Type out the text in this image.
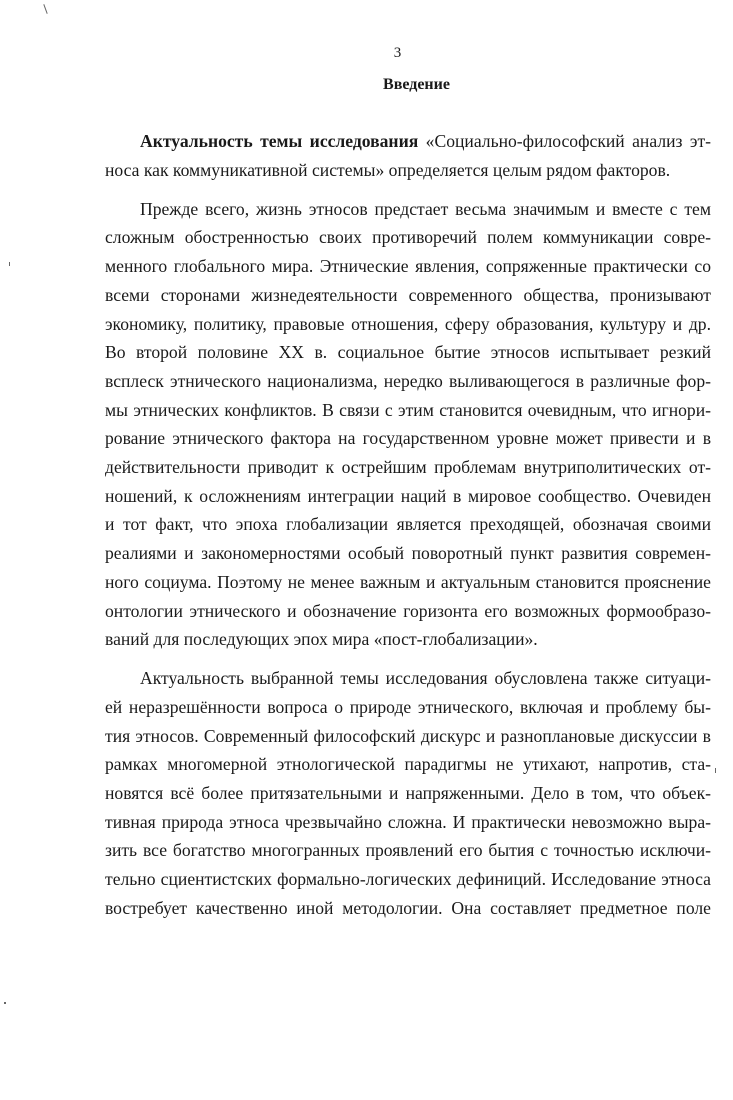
3
Введение
Актуальность темы исследования «Социально-философский анализ эт-
носа как коммуникативной системы» определяется целым рядом факторов.
Прежде всего, жизнь этносов предстает весьма значимым и вместе с тем
сложным обостренностью своих противоречий полем коммуникации совре-
менного глобального мира. Этнические явления, сопряженные практически со
всеми сторонами жизнедеятельности современного общества, пронизывают
экономику, политику, правовые отношения, сферу образования, культуру и др.
Во второй половине XX в. социальное бытие этносов испытывает резкий
всплеск этнического национализма, нередко выливающегося в различные фор-
мы этнических конфликтов. В связи с этим становится очевидным, что игнори-
рование этнического фактора на государственном уровне может привести и в
действительности приводит к острейшим проблемам внутриполитических от-
ношений, к осложнениям интеграции наций в мировое сообщество. Очевиден
и тот факт, что эпоха глобализации является преходящей, обозначая своими
реалиями и закономерностями особый поворотный пункт развития современ-
ного социума. Поэтому не менее важным и актуальным становится прояснение
онтологии этнического и обозначение горизонта его возможных формообразо-
ваний для последующих эпох мира «пост-глобализации».
Актуальность выбранной темы исследования обусловлена также ситуаци-
ей неразрешённости вопроса о природе этнического, включая и проблему бы-
тия этносов. Современный философский дискурс и разноплановые дискуссии в
рамках многомерной этнологической парадигмы не утихают, напротив, ста-
новятся всё более притязательными и напряженными. Дело в том, что объек-
тивная природа этноса чрезвычайно сложна. И практически невозможно выра-
зить все богатство многогранных проявлений его бытия с точностью исключи-
тельно сциентистских формально-логических дефиниций. Исследование этноса
востребует качественно иной методологии. Она составляет предметное поле
